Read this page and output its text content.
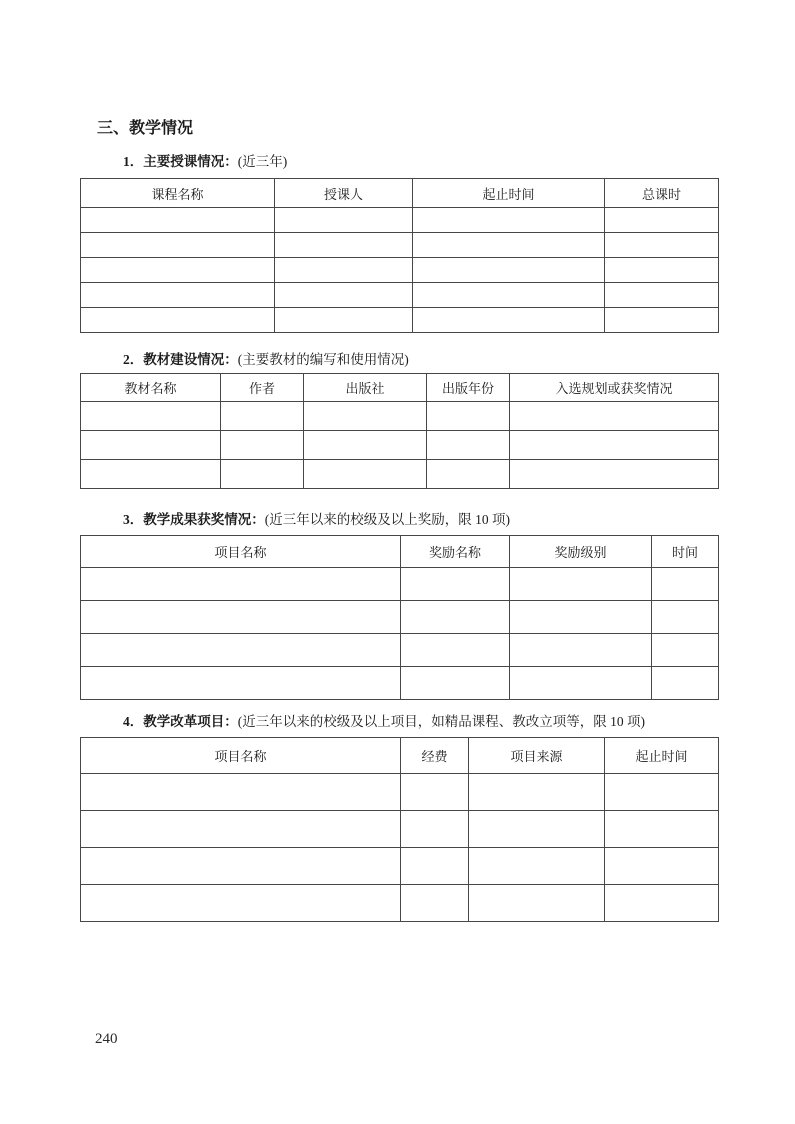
三、教学情况
1．主要授课情况：(近三年)
课程名称	授课人	起止时间	总课时

2．教材建设情况：(主要教材的编写和使用情况)
教材名称	作者	出版社	出版年份	入选规划或获奖情况

3．教学成果获奖情况：(近三年以来的校级及以上奖励，限 10 项)
项目名称	奖励名称	奖励级别	时间

4．教学改革项目：(近三年以来的校级及以上项目，如精品课程、教改立项等，限 10 项)
项目名称	经费	项目来源	起止时间

240
